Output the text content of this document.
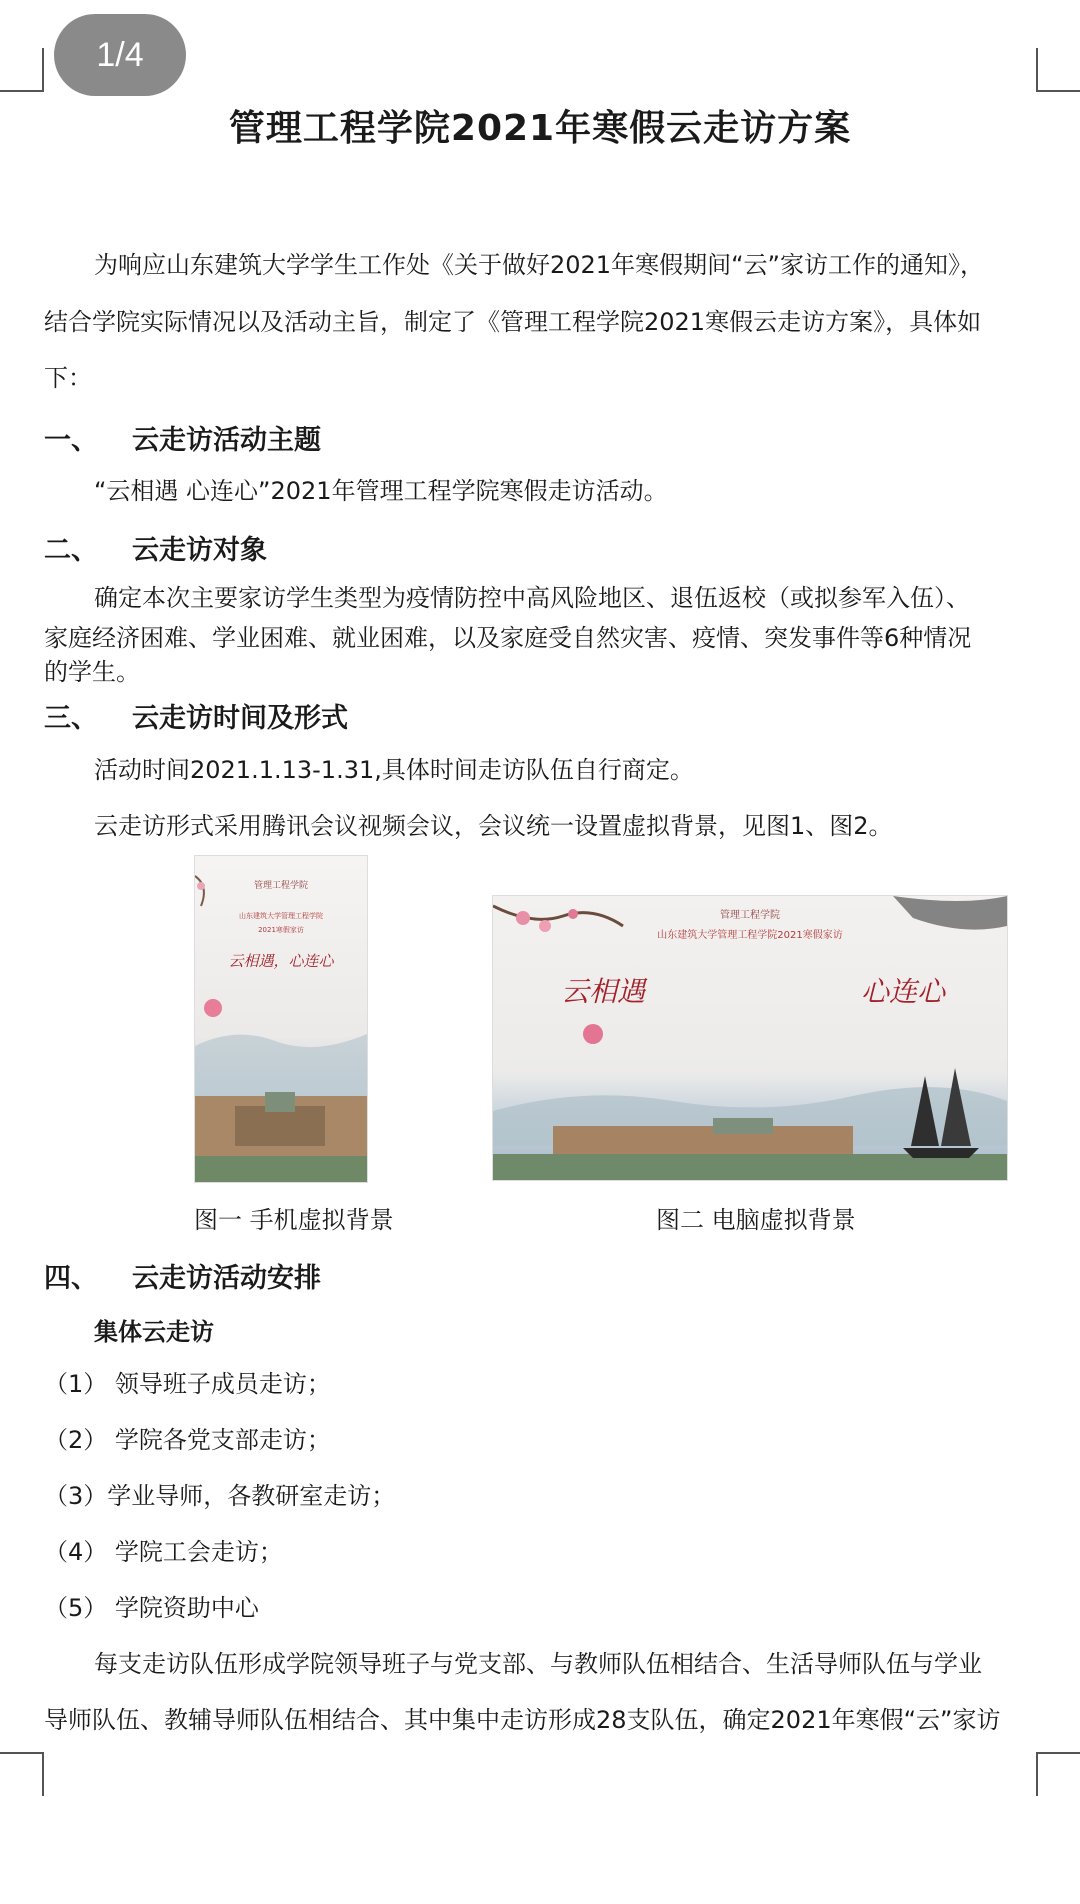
1/4
管理工程学院2021年寒假云走访方案
为响应山东建筑大学学生工作处《关于做好2021年寒假期间“云”家访工作的通知》，
结合学院实际情况以及活动主旨，制定了《管理工程学院2021寒假云走访方案》，具体如
下：
一、 云走访活动主题
“云相遇 心连心”2021年管理工程学院寒假走访活动。
二、 云走访对象
确定本次主要家访学生类型为疫情防控中高风险地区、退伍返校（或拟参军入伍）、
家庭经济困难、学业困难、就业困难，以及家庭受自然灾害、疫情、突发事件等6种情况
的学生。
三、 云走访时间及形式
活动时间2021.1.13-1.31,具体时间走访队伍自行商定。
云走访形式采用腾讯会议视频会议，会议统一设置虚拟背景，见图1、图2。
管理工程学院
山东建筑大学管理工程学院
2021寒假家访
云相遇，心连心
管理工程学院
山东建筑大学管理工程学院2021寒假家访
云相遇	心连心
图一 手机虚拟背景	图二 电脑虚拟背景
四、 云走访活动安排
集体云走访
（1） 领导班子成员走访；
（2） 学院各党支部走访；
（3）学业导师，各教研室走访；
（4） 学院工会走访；
（5） 学院资助中心
每支走访队伍形成学院领导班子与党支部、与教师队伍相结合、生活导师队伍与学业
导师队伍、教辅导师队伍相结合、其中集中走访形成28支队伍，确定2021年寒假“云”家访
